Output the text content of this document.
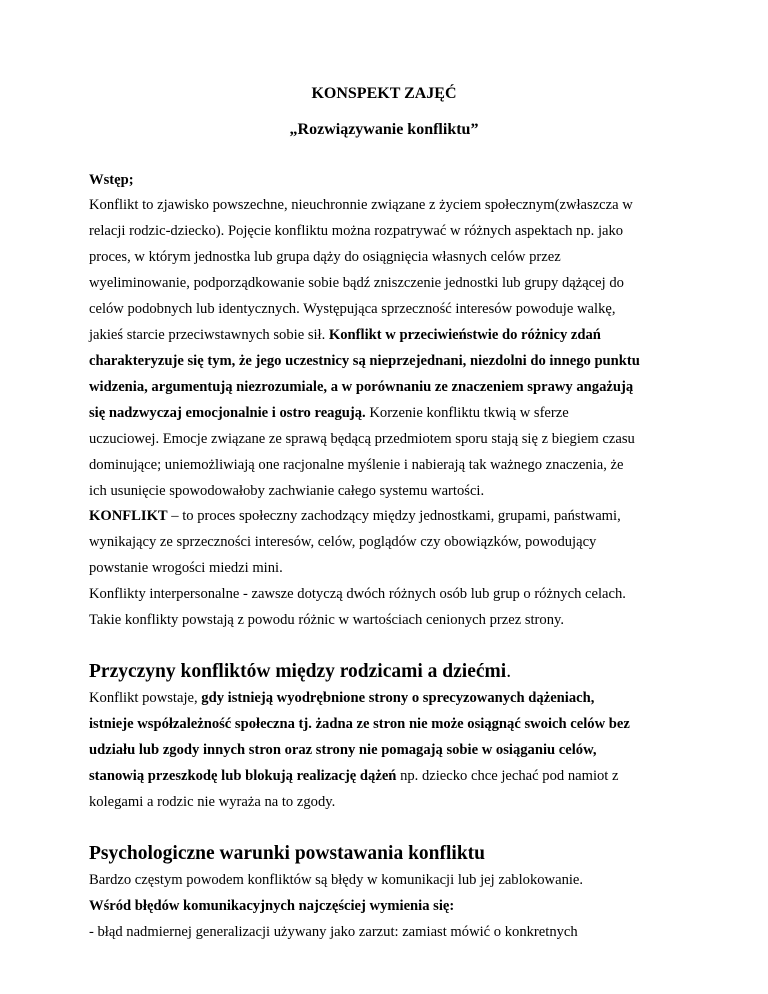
KONSPEKT ZAJĘĆ
„Rozwiązywanie konfliktu”

Wstęp;

Konflikt to zjawisko powszechne, nieuchronnie związane z życiem społecznym(zwłaszcza w

relacji rodzic-dziecko). Pojęcie konfliktu można rozpatrywać w różnych aspektach np. jako

proces, w którym jednostka lub grupa dąży do osiągnięcia własnych celów przez

wyeliminowanie, podporządkowanie sobie bądź zniszczenie jednostki lub grupy dążącej do

celów podobnych lub identycznych. Występująca sprzeczność interesów powoduje walkę,

jakieś starcie przeciwstawnych sobie sił. Konflikt w przeciwieństwie do różnicy zdań

charakteryzuje się tym, że jego uczestnicy są nieprzejednani, niezdolni do innego punktu

widzenia, argumentują niezrozumiale, a w porównaniu ze znaczeniem sprawy angażują

się nadzwyczaj emocjonalnie i ostro reagują. Korzenie konfliktu tkwią w sferze

uczuciowej. Emocje związane ze sprawą będącą przedmiotem sporu stają się z biegiem czasu

dominujące; uniemożliwiają one racjonalne myślenie i nabierają tak ważnego znaczenia, że

ich usunięcie spowodowałoby zachwianie całego systemu wartości.

KONFLIKT – to proces społeczny zachodzący między jednostkami, grupami, państwami,

wynikający ze sprzeczności interesów, celów, poglądów czy obowiązków, powodujący

powstanie wrogości miedzi mini.

Konflikty interpersonalne - zawsze dotyczą dwóch różnych osób lub grup o różnych celach.

Takie konflikty powstają z powodu różnic w wartościach cenionych przez strony.

Przyczyny konfliktów między rodzicami a dziećmi.

Konflikt powstaje, gdy istnieją wyodrębnione strony o sprecyzowanych dążeniach,

istnieje współzależność społeczna tj. żadna ze stron nie może osiągnąć swoich celów bez

udziału lub zgody innych stron oraz strony nie pomagają sobie w osiąganiu celów,

stanowią przeszkodę lub blokują realizację dążeń np. dziecko chce jechać pod namiot z

kolegami a rodzic nie wyraża na to zgody.

Psychologiczne warunki powstawania konfliktu

Bardzo częstym powodem konfliktów są błędy w komunikacji lub jej zablokowanie.

Wśród błędów komunikacyjnych najczęściej wymienia się:

- błąd nadmiernej generalizacji używany jako zarzut: zamiast mówić o konkretnych
